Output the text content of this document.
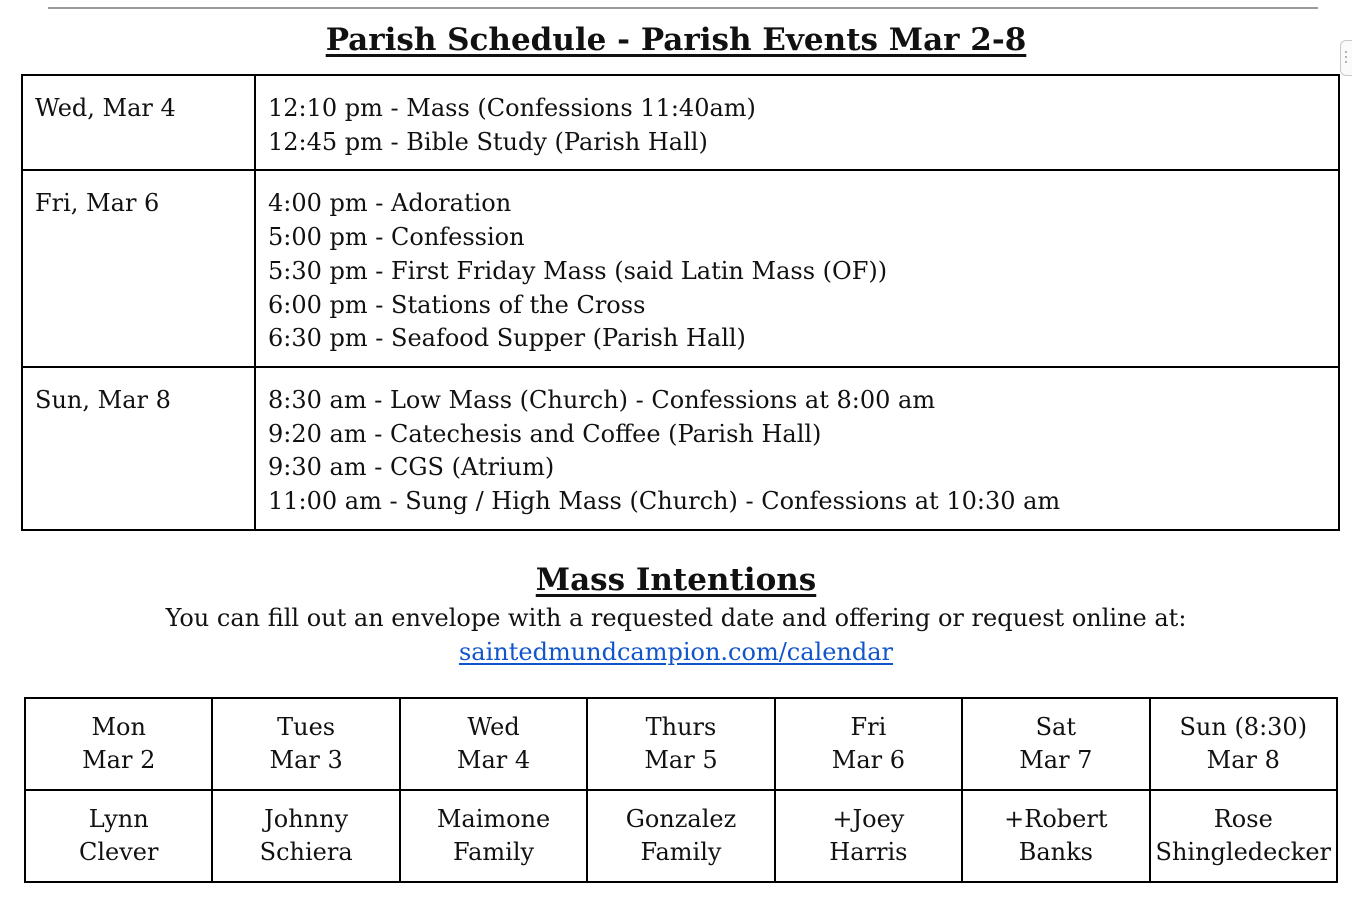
Parish Schedule - Parish Events Mar 2-8
Wed, Mar 4	12:10 pm - Mass (Confessions 11:40am)
12:45 pm - Bible Study (Parish Hall)

Fri, Mar 6	4:00 pm - Adoration
5:00 pm - Confession
5:30 pm - First Friday Mass (said Latin Mass (OF))
6:00 pm - Stations of the Cross
6:30 pm - Seafood Supper (Parish Hall)

Sun, Mar 8	8:30 am - Low Mass (Church) - Confessions at 8:00 am
9:20 am - Catechesis and Coffee (Parish Hall)
9:30 am - CGS (Atrium)
11:00 am - Sung / High Mass (Church) - Confessions at 10:30 am
Mass Intentions
You can fill out an envelope with a requested date and offering or request online at:
saintedmundcampion.com/calendar
Mon
Mar 2	Tues
Mar 3	Wed
Mar 4	Thurs
Mar 5	Fri
Mar 6	Sat
Mar 7	Sun (8:30)
Mar 8

Lynn
Clever	Johnny
Schiera	Maimone
Family	Gonzalez
Family	+Joey
Harris	+Robert
Banks	Rose
Shingledecker
